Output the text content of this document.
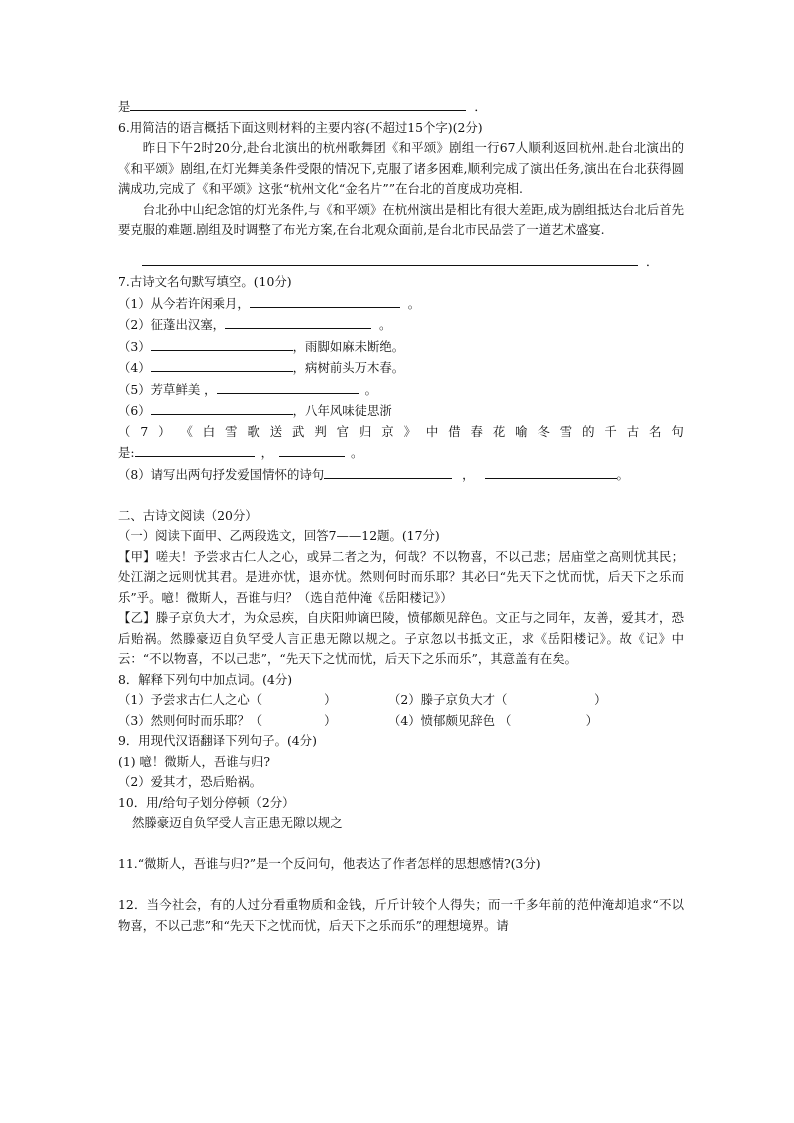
是	．
6.用简洁的语言概括下面这则材料的主要内容(不超过15个字)(2分)
昨日下午2时20分,赴台北演出的杭州歌舞团《和平颂》剧组一行67人顺利返回杭州.赴台北演出的《和平颂》剧组,在灯光舞美条件受限的情况下,克服了诸多困难,顺利完成了演出任务,演出在台北获得圆满成功,完成了《和平颂》这张“杭州文化“金名片””在台北的首度成功亮相.
台北孙中山纪念馆的灯光条件,与《和平颂》在杭州演出是相比有很大差距,成为剧组抵达台北后首先要克服的难题.剧组及时调整了布光方案,在台北观众面前,是台北市民品尝了一道艺术盛宴.
．
7.古诗文名句默写填空。(10分)
（1）从今若许闲乘月，	。
（2）征蓬出汉塞，	。
（3）	，雨脚如麻未断绝。
（4）	，病树前头万木春。
（5）芳草鲜美 ，	。
（6）	，八年风味徒思浙
（ 7 ） 《 白 雪 歌 送 武 判 官 归 京 》 中 借 春 花 喻 冬 雪 的 千 古 名 句
是:	，	。
（8）请写出两句抒发爱国情怀的诗句	，	。
二、古诗文阅读（20分）
（一）阅读下面甲、乙两段选文，回答7——12题。(17分)
【甲】嗟夫！予尝求古仁人之心，或异二者之为，何哉？不以物喜，不以己悲；居庙堂之高则忧其民；处江湖之远则忧其君。是进亦忧，退亦忧。然则何时而乐耶？其必曰“先天下之忧而忧，后天下之乐而乐”乎。噫！微斯人，吾谁与归？（选自范仲淹《岳阳楼记》）
【乙】滕子京负大才，为众忌疾，自庆阳帅谪巴陵，愤郁颇见辞色。文正与之同年，友善，爱其才，恐后贻祸。然滕豪迈自负罕受人言正患无隙以规之。子京忽以书抵文正，求《岳阳楼记》。故《记》中云：“不以物喜，不以己悲”，“先天下之忧而忧，后天下之乐而乐”，其意盖有在矣。
8．解释下列句中加点词。(4分)
（1）予尝求古仁人之心（　　　　　）	（2）滕子京负大才（　　　　　　　）
（3）然则何时而乐耶？（　　　　　）	（4）愤郁颇见辞色 （　　　　　　）
9．用现代汉语翻译下列句子。(4分)
(1) 噫！微斯人，吾谁与归?
（2）爱其才，恐后贻祸。
10．用/给句子划分停顿（2分）
然滕豪迈自负罕受人言正患无隙以规之
11.“微斯人，吾谁与归?”是一个反问句，他表达了作者怎样的思想感情?(3分)
12．当今社会，有的人过分看重物质和金钱，斤斤计较个人得失；而一千多年前的范仲淹却追求“不以物喜，不以己悲”和“先天下之忧而忧，后天下之乐而乐”的理想境界。请
